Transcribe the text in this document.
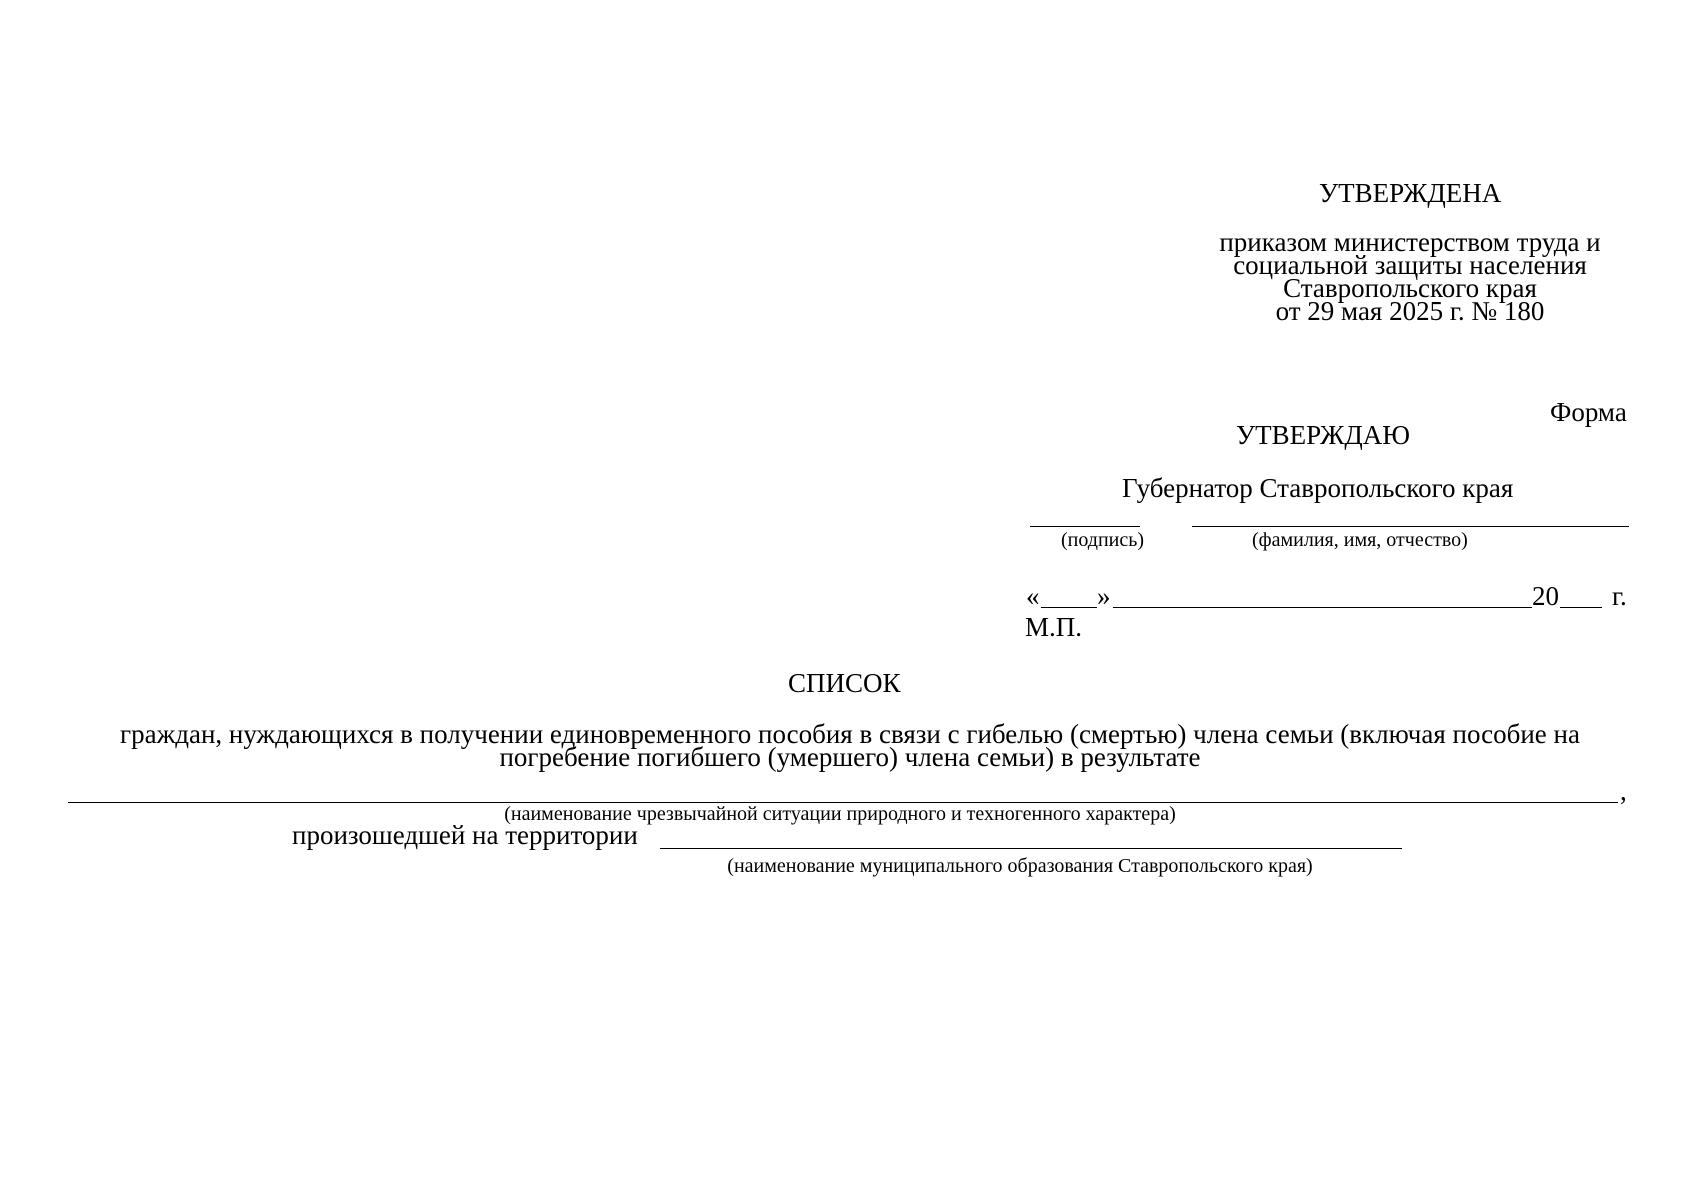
УТВЕРЖДЕНА
приказом министерством труда и
социальной защиты населения
Ставропольского края
от 29 мая 2025 г. № 180
Форма
УТВЕРЖДАЮ
Губернатор Ставропольского края
(подпись)	(фамилия, имя, отчество)
« »	20 г.
М.П.
СПИСОК
граждан, нуждающихся в получении единовременного пособия в связи с гибелью (смертью) члена семьи (включая пособие на
погребение погибшего (умершего) члена семьи) в результате
,
(наименование чрезвычайной ситуации природного и техногенного характера)
произошедшей на территории
(наименование муниципального образования Ставропольского края)
